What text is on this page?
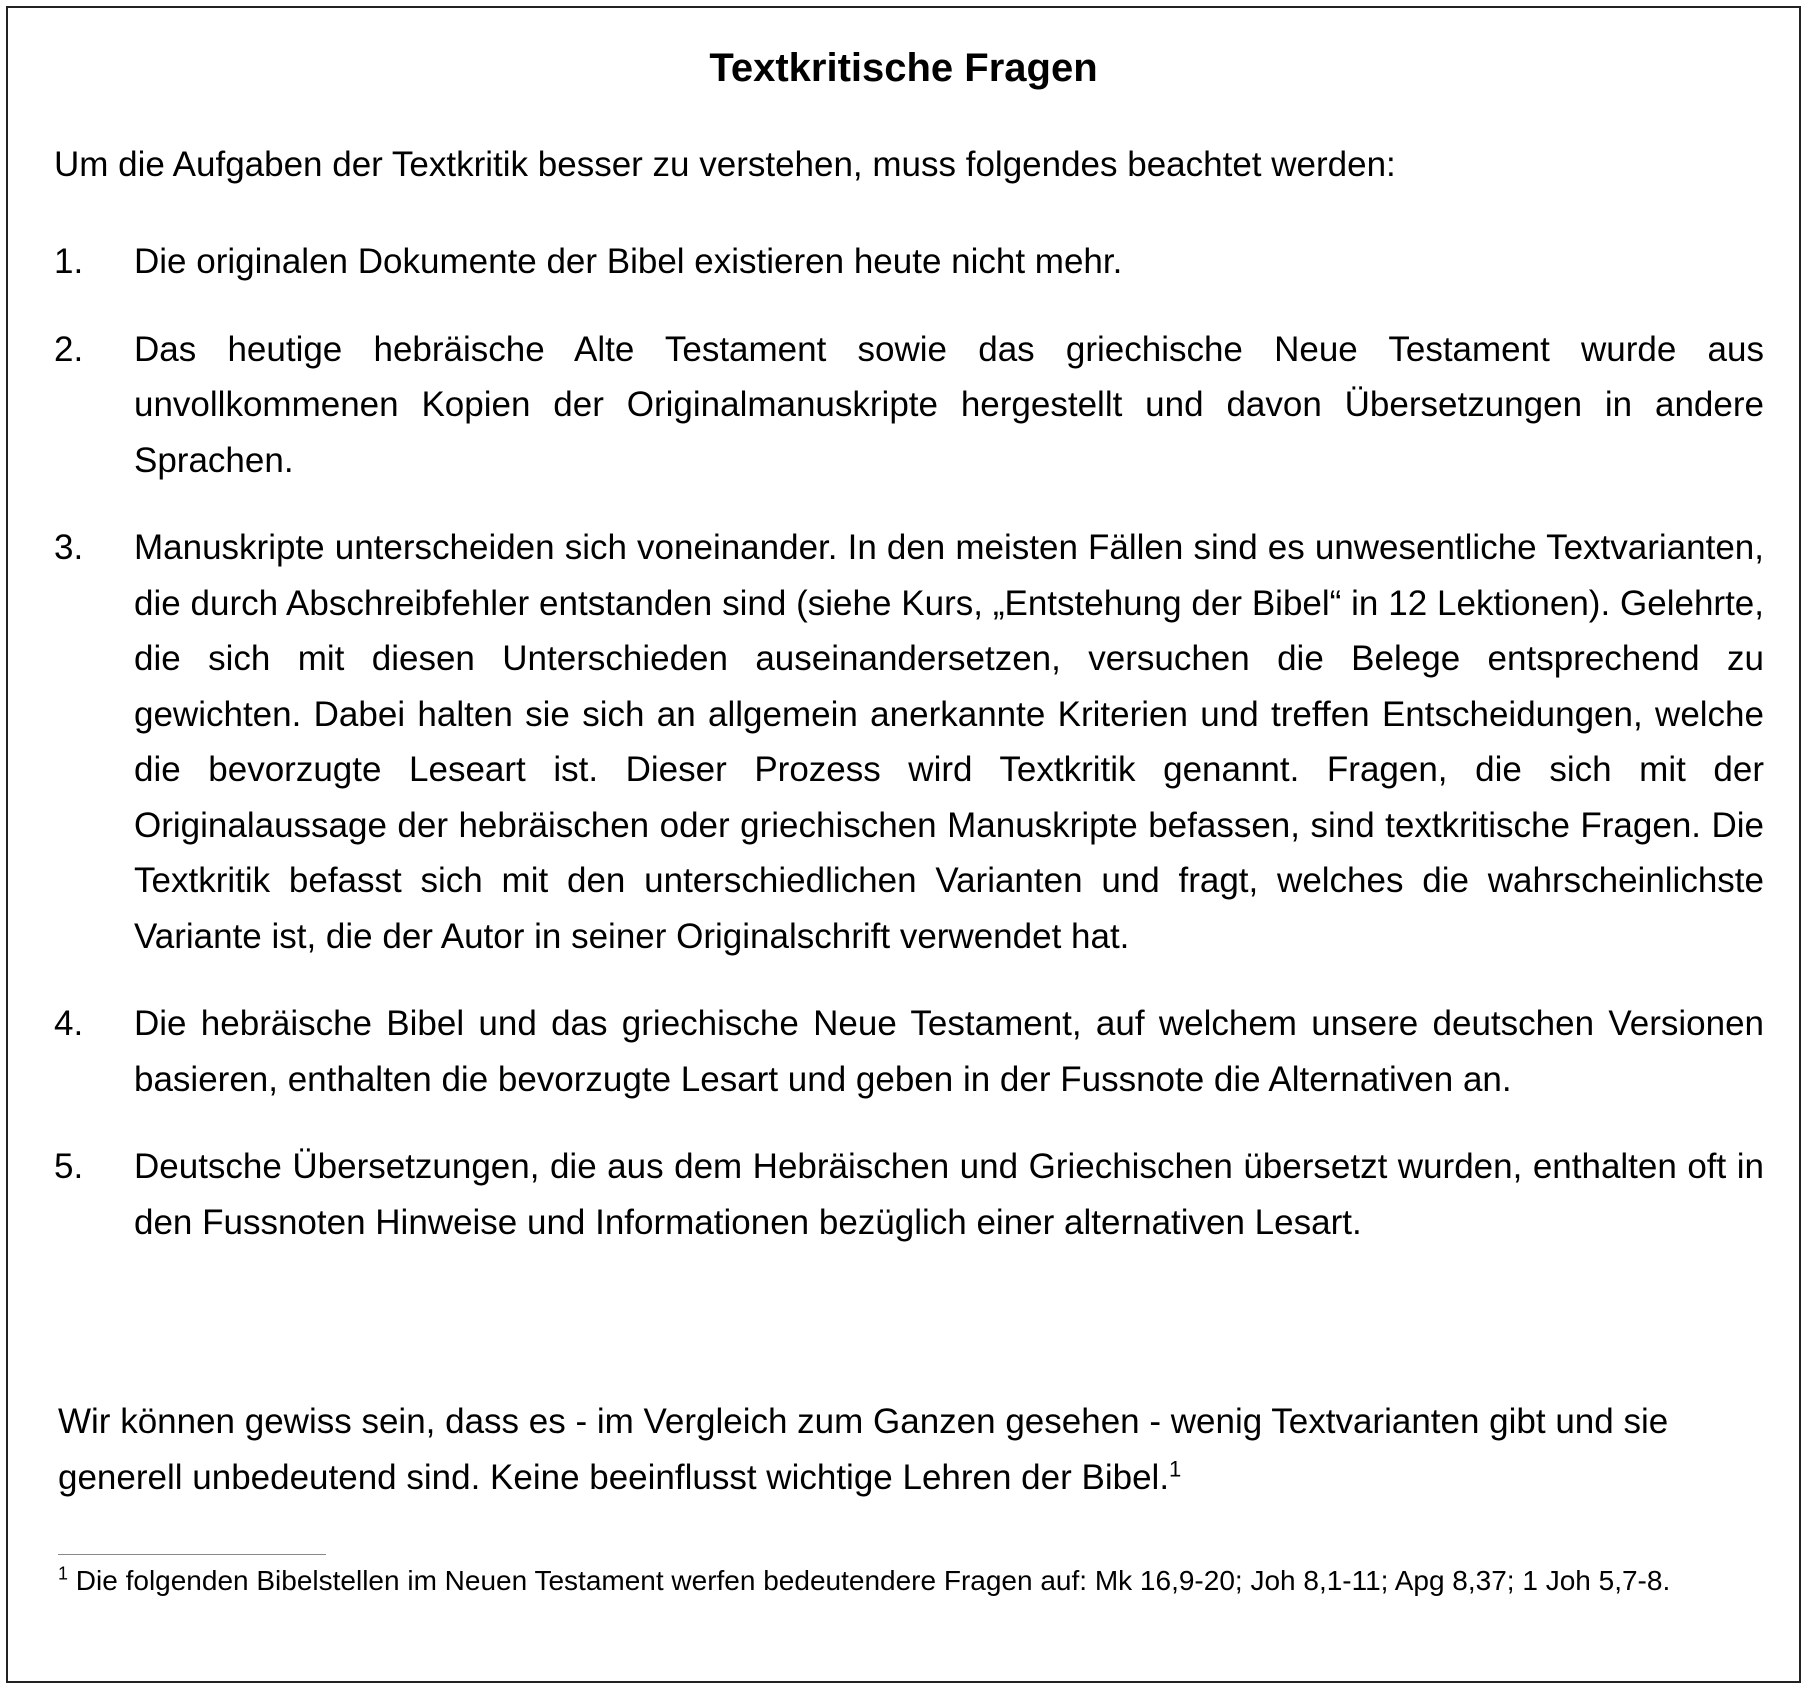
Textkritische Fragen
Um die Aufgaben der Textkritik besser zu verstehen, muss folgendes beachtet werden:
1. Die originalen Dokumente der Bibel existieren heute nicht mehr.
2. Das heutige hebräische Alte Testament sowie das griechische Neue Testament wurde aus unvollkommenen Kopien der Originalmanuskripte hergestellt und davon Übersetzungen in andere Sprachen.
3. Manuskripte unterscheiden sich voneinander. In den meisten Fällen sind es unwesentliche Textvarianten, die durch Abschreibfehler entstanden sind (siehe Kurs, „Entstehung der Bibel“ in 12 Lektionen). Gelehrte, die sich mit diesen Unterschieden auseinandersetzen, versuchen die Belege entsprechend zu gewichten. Dabei halten sie sich an allgemein anerkannte Kriterien und treffen Entscheidungen, welche die bevorzugte Leseart ist. Dieser Prozess wird Textkritik genannt. Fragen, die sich mit der Originalaussage der hebräischen oder griechischen Manuskripte befassen, sind textkritische Fragen. Die Textkritik befasst sich mit den unterschiedlichen Varianten und fragt, welches die wahrscheinlichste Variante ist, die der Autor in seiner Originalschrift verwendet hat.
4. Die hebräische Bibel und das griechische Neue Testament, auf welchem unsere deutschen Versionen basieren, enthalten die bevorzugte Lesart und geben in der Fussnote die Alternativen an.
5. Deutsche Übersetzungen, die aus dem Hebräischen und Griechischen übersetzt wurden, enthalten oft in den Fussnoten Hinweise und Informationen bezüglich einer alternativen Lesart.
Wir können gewiss sein, dass es - im Vergleich zum Ganzen gesehen - wenig Textvarianten gibt und sie generell unbedeutend sind. Keine beeinflusst wichtige Lehren der Bibel.$^1$
$^1$ Die folgenden Bibelstellen im Neuen Testament werfen bedeutendere Fragen auf: Mk 16,9-20; Joh 8,1-11; Apg 8,37; 1 Joh 5,7-8.
